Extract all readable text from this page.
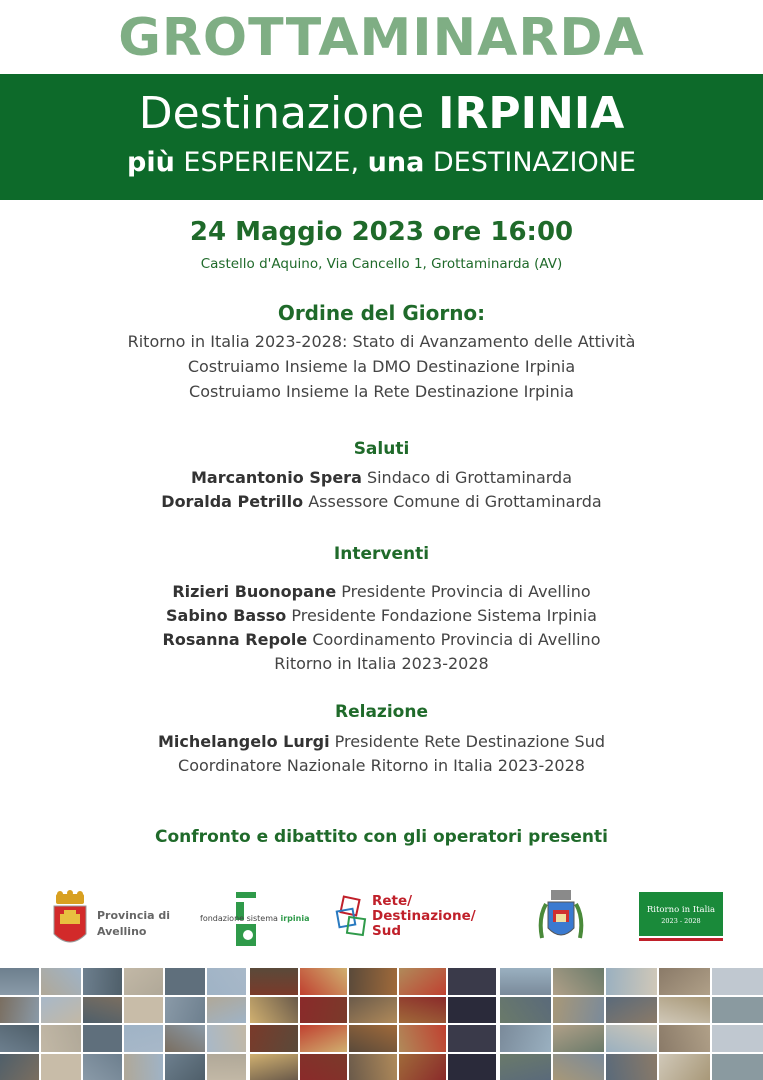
GROTTAMINARDA
Destinazione IRPINIA
più ESPERIENZE, una DESTINAZIONE
24 Maggio 2023 ore 16:00
Castello d'Aquino, Via Cancello 1, Grottaminarda (AV)
Ordine del Giorno:
Ritorno in Italia 2023-2028: Stato di Avanzamento delle Attività
Costruiamo Insieme la DMO Destinazione Irpinia
Costruiamo Insieme la Rete Destinazione Irpinia
Saluti
Marcantonio Spera Sindaco di Grottaminarda
Doralda Petrillo Assessore Comune di Grottaminarda
Interventi
Rizieri Buonopane Presidente Provincia di Avellino
Sabino Basso Presidente Fondazione Sistema Irpinia
Rosanna Repole Coordinamento Provincia di Avellino
Ritorno in Italia 2023-2028
Relazione
Michelangelo Lurgi Presidente Rete Destinazione Sud
Coordinatore Nazionale Ritorno in Italia 2023-2028
Confronto e dibattito con gli operatori presenti
Provincia di
Avellino
fondazione sistema irpinia
Rete/
Destinazione/
Sud
Ritorno in Italia
2023 - 2028
